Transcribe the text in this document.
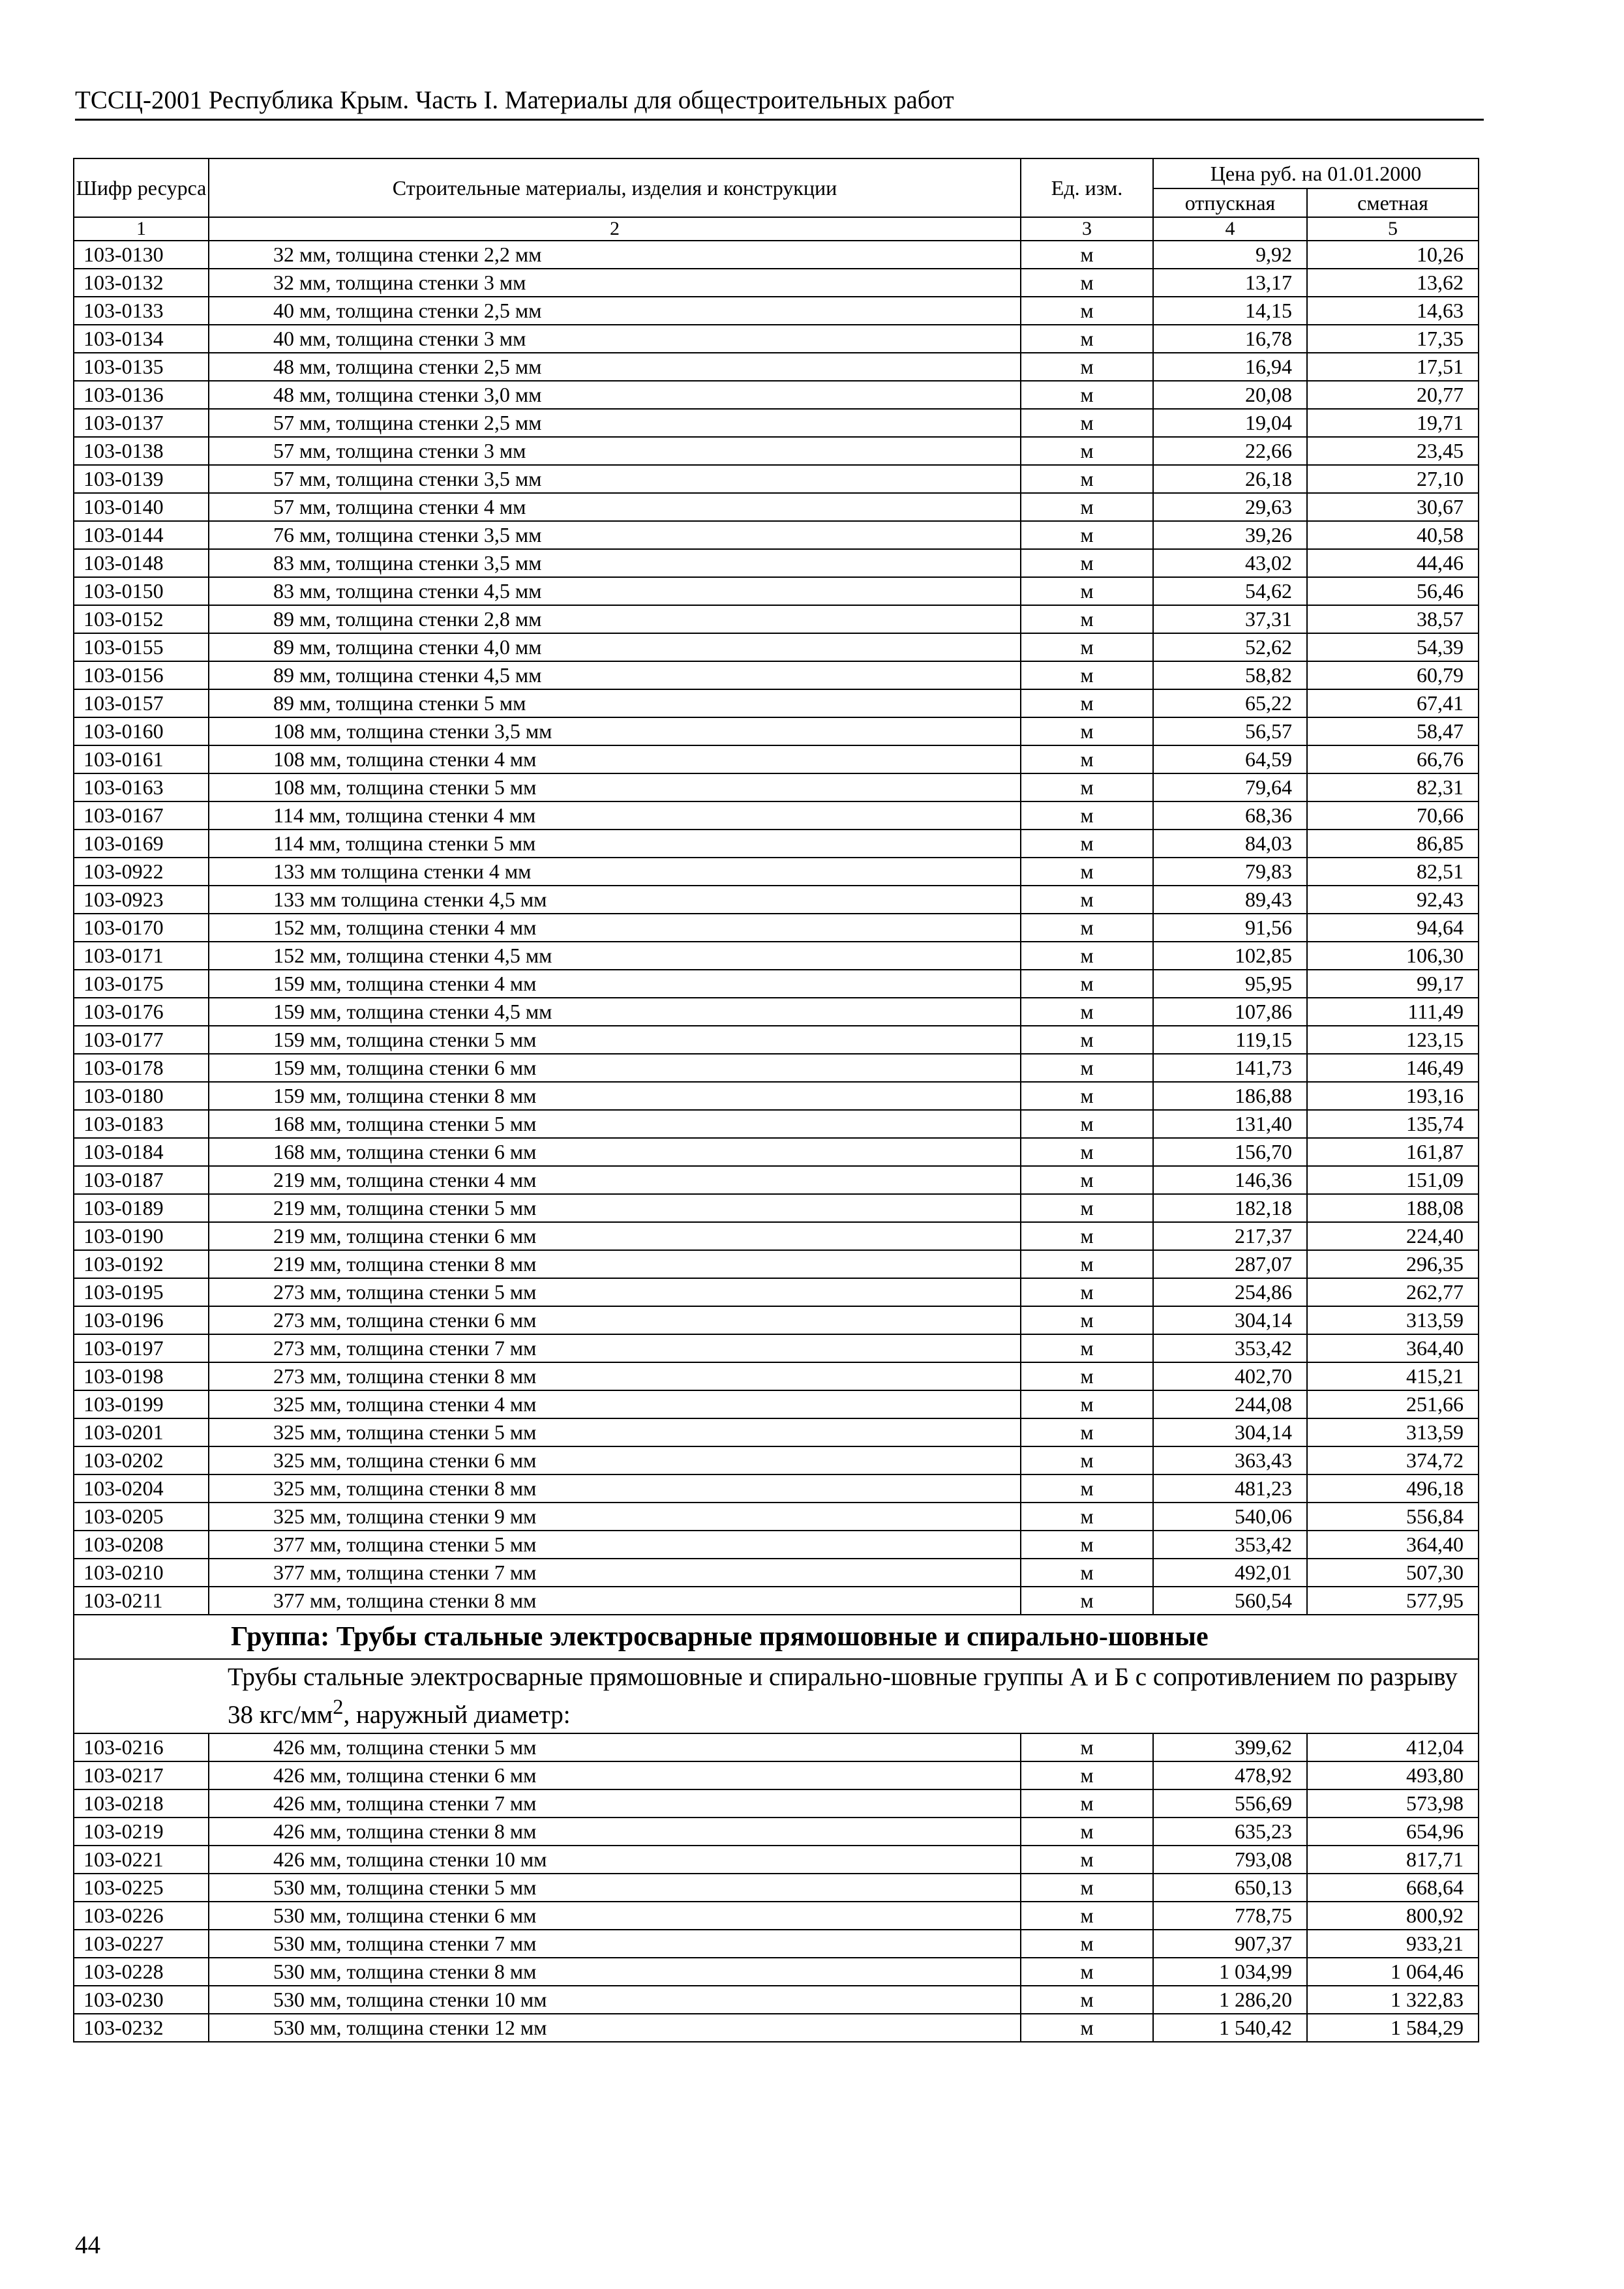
ТССЦ-2001 Республика Крым. Часть I. Материалы для общестроительных работ
Шифр ресурса	Строительные материалы, изделия и конструкции	Ед. изм.	Цена руб. на 01.01.2000	
			отпускная	сметная
1	2	3	4	5
103-0130	32 мм, толщина стенки 2,2 мм	м	9,92	10,26
103-0132	32 мм, толщина стенки 3 мм	м	13,17	13,62
103-0133	40 мм, толщина стенки 2,5 мм	м	14,15	14,63
103-0134	40 мм, толщина стенки 3 мм	м	16,78	17,35
103-0135	48 мм, толщина стенки 2,5 мм	м	16,94	17,51
103-0136	48 мм, толщина стенки 3,0 мм	м	20,08	20,77
103-0137	57 мм, толщина стенки 2,5 мм	м	19,04	19,71
103-0138	57 мм, толщина стенки 3 мм	м	22,66	23,45
103-0139	57 мм, толщина стенки 3,5 мм	м	26,18	27,10
103-0140	57 мм, толщина стенки 4 мм	м	29,63	30,67
103-0144	76 мм, толщина стенки 3,5 мм	м	39,26	40,58
103-0148	83 мм, толщина стенки 3,5 мм	м	43,02	44,46
103-0150	83 мм, толщина стенки 4,5 мм	м	54,62	56,46
103-0152	89 мм, толщина стенки 2,8 мм	м	37,31	38,57
103-0155	89 мм, толщина стенки 4,0 мм	м	52,62	54,39
103-0156	89 мм, толщина стенки 4,5 мм	м	58,82	60,79
103-0157	89 мм, толщина стенки 5 мм	м	65,22	67,41
103-0160	108 мм, толщина стенки 3,5 мм	м	56,57	58,47
103-0161	108 мм, толщина стенки 4 мм	м	64,59	66,76
103-0163	108 мм, толщина стенки 5 мм	м	79,64	82,31
103-0167	114 мм, толщина стенки 4 мм	м	68,36	70,66
103-0169	114 мм, толщина стенки 5 мм	м	84,03	86,85
103-0922	133 мм толщина стенки 4 мм	м	79,83	82,51
103-0923	133 мм толщина стенки 4,5 мм	м	89,43	92,43
103-0170	152 мм, толщина стенки 4 мм	м	91,56	94,64
103-0171	152 мм, толщина стенки 4,5 мм	м	102,85	106,30
103-0175	159 мм, толщина стенки 4 мм	м	95,95	99,17
103-0176	159 мм, толщина стенки 4,5 мм	м	107,86	111,49
103-0177	159 мм, толщина стенки 5 мм	м	119,15	123,15
103-0178	159 мм, толщина стенки 6 мм	м	141,73	146,49
103-0180	159 мм, толщина стенки 8 мм	м	186,88	193,16
103-0183	168 мм, толщина стенки 5 мм	м	131,40	135,74
103-0184	168 мм, толщина стенки 6 мм	м	156,70	161,87
103-0187	219 мм, толщина стенки 4 мм	м	146,36	151,09
103-0189	219 мм, толщина стенки 5 мм	м	182,18	188,08
103-0190	219 мм, толщина стенки 6 мм	м	217,37	224,40
103-0192	219 мм, толщина стенки 8 мм	м	287,07	296,35
103-0195	273 мм, толщина стенки 5 мм	м	254,86	262,77
103-0196	273 мм, толщина стенки 6 мм	м	304,14	313,59
103-0197	273 мм, толщина стенки 7 мм	м	353,42	364,40
103-0198	273 мм, толщина стенки 8 мм	м	402,70	415,21
103-0199	325 мм, толщина стенки 4 мм	м	244,08	251,66
103-0201	325 мм, толщина стенки 5 мм	м	304,14	313,59
103-0202	325 мм, толщина стенки 6 мм	м	363,43	374,72
103-0204	325 мм, толщина стенки 8 мм	м	481,23	496,18
103-0205	325 мм, толщина стенки 9 мм	м	540,06	556,84
103-0208	377 мм, толщина стенки 5 мм	м	353,42	364,40
103-0210	377 мм, толщина стенки 7 мм	м	492,01	507,30
103-0211	377 мм, толщина стенки 8 мм	м	560,54	577,95
Группа: Трубы стальные электросварные прямошовные и спирально-шовные				
Трубы стальные электросварные прямошовные и спирально-шовные группы А и Б с сопротивлением по разрыву 38 кгс/$мм^2$, наружный диаметр:				
103-0216	426 мм, толщина стенки 5 мм	м	399,62	412,04
103-0217	426 мм, толщина стенки 6 мм	м	478,92	493,80
103-0218	426 мм, толщина стенки 7 мм	м	556,69	573,98
103-0219	426 мм, толщина стенки 8 мм	м	635,23	654,96
103-0221	426 мм, толщина стенки 10 мм	м	793,08	817,71
103-0225	530 мм, толщина стенки 5 мм	м	650,13	668,64
103-0226	530 мм, толщина стенки 6 мм	м	778,75	800,92
103-0227	530 мм, толщина стенки 7 мм	м	907,37	933,21
103-0228	530 мм, толщина стенки 8 мм	м	1 034,99	1 064,46
103-0230	530 мм, толщина стенки 10 мм	м	1 286,20	1 322,83
103-0232	530 мм, толщина стенки 12 мм	м	1 540,42	1 584,29
44
